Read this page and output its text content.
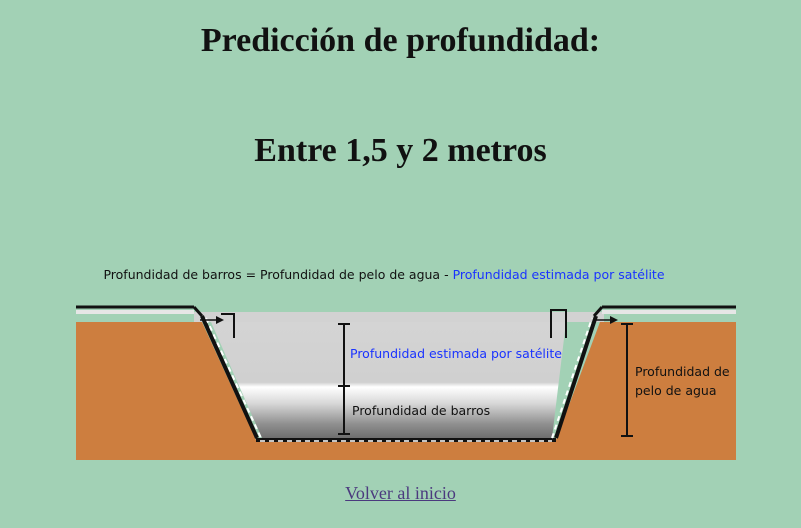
Predicción de profundidad:
Entre 1,5 y 2 metros
Profundidad de barros = Profundidad de pelo de agua - Profundidad estimada por satélite
Profundidad estimada por satélite
Profundidad de barros
Profundidad de
pelo de agua
Volver al inicio
